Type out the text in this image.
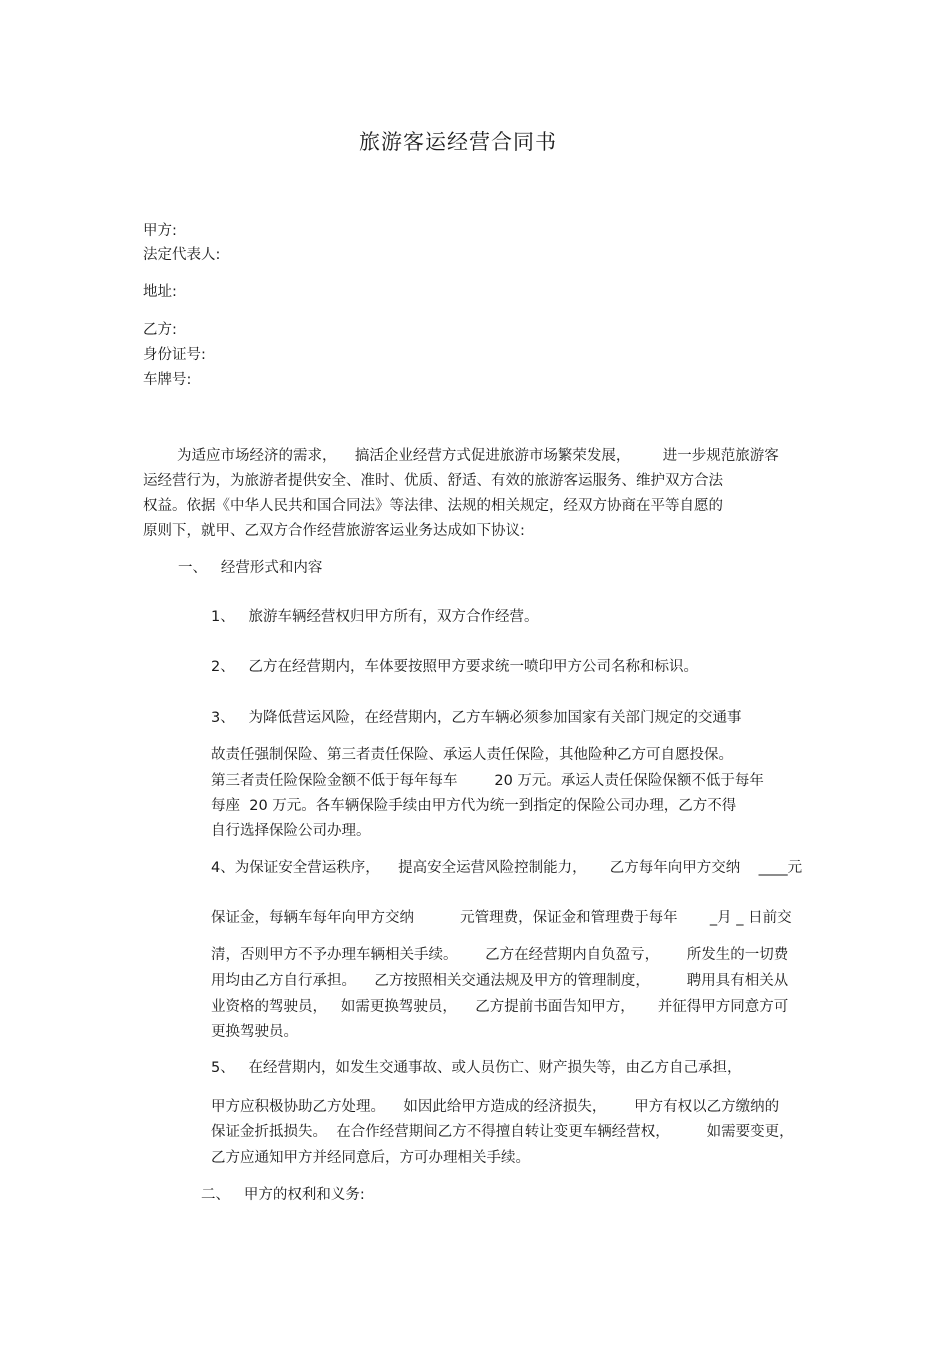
旅游客运经营合同书
甲方:
法定代表人:
地址:
乙方:
身份证号:
车牌号:
为适应市场经济的需求，    搞活企业经营方式促进旅游市场繁荣发展，       进一步规范旅游客
运经营行为，为旅游者提供安全、准时、优质、舒适、有效的旅游客运服务、维护双方合法
权益。依据《中华人民共和国合同法》等法律、法规的相关规定，经双方协商在平等自愿的
原则下，就甲、乙双方合作经营旅游客运业务达成如下协议:
一、   经营形式和内容
1、   旅游车辆经营权归甲方所有，双方合作经营。
2、   乙方在经营期内，车体要按照甲方要求统一喷印甲方公司名称和标识。
3、   为降低营运风险，在经营期内，乙方车辆必须参加国家有关部门规定的交通事
故责任强制保险、第三者责任保险、承运人责任保险，其他险种乙方可自愿投保。
第三者责任险保险金额不低于每年每车        20 万元。承运人责任保险保额不低于每年
每座  20 万元。各车辆保险手续由甲方代为统一到指定的保险公司办理，乙方不得
自行选择保险公司办理。
4、为保证安全营运秩序，    提高安全运营风险控制能力，     乙方每年向甲方交纳    ____元
保证金，每辆车每年向甲方交纳          元管理费，保证金和管理费于每年       _月 _ 日前交
清，否则甲方不予办理车辆相关手续。      乙方在经营期内自负盈亏，      所发生的一切费
用均由乙方自行承担。    乙方按照相关交通法规及甲方的管理制度，        聘用具有相关从
业资格的驾驶员，   如需更换驾驶员，    乙方提前书面告知甲方，     并征得甲方同意方可
更换驾驶员。
5、   在经营期内，如发生交通事故、或人员伤亡、财产损失等，由乙方自己承担，
甲方应积极协助乙方处理。    如因此给甲方造成的经济损失，      甲方有权以乙方缴纳的
保证金折抵损失。  在合作经营期间乙方不得擅自转让变更车辆经营权，        如需要变更，
乙方应通知甲方并经同意后，方可办理相关手续。
二、   甲方的权利和义务:
